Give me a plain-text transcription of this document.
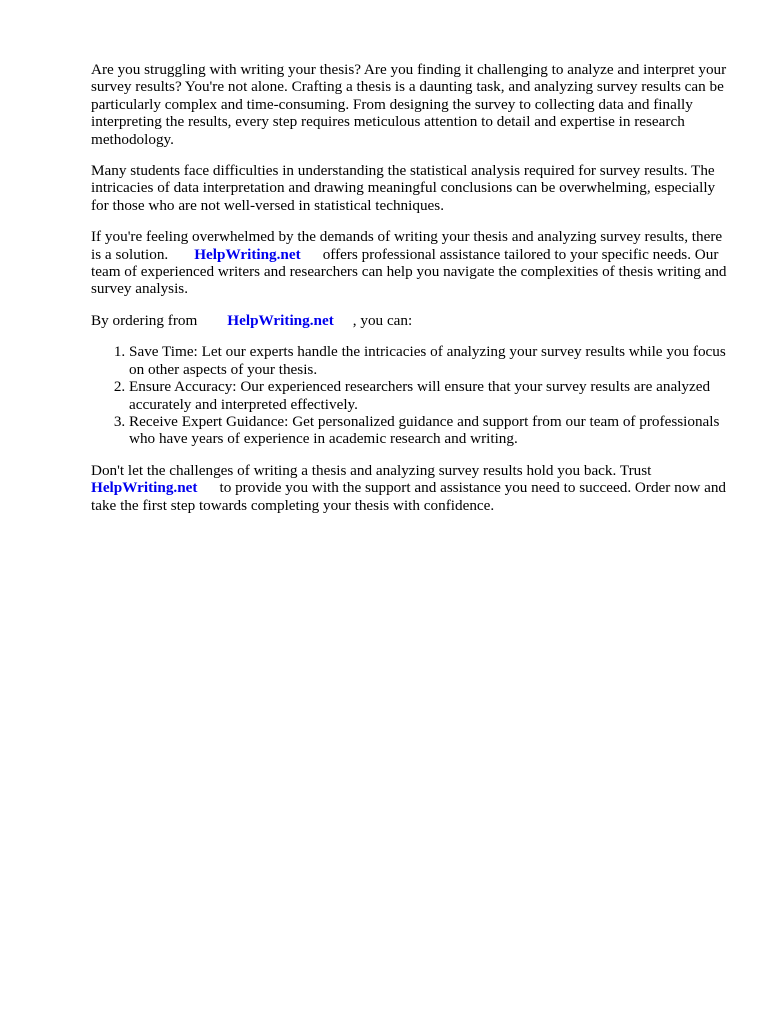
Are you struggling with writing your thesis? Are you finding it challenging to analyze and interpret your survey results? You're not alone. Crafting a thesis is a daunting task, and analyzing survey results can be particularly complex and time-consuming. From designing the survey to collecting data and finally interpreting the results, every step requires meticulous attention to detail and expertise in research methodology.

Many students face difficulties in understanding the statistical analysis required for survey results. The intricacies of data interpretation and drawing meaningful conclusions can be overwhelming, especially for those who are not well-versed in statistical techniques.

If you're feeling overwhelmed by the demands of writing your thesis and analyzing survey results, there is a solution. HelpWriting.net offers professional assistance tailored to your specific needs. Our team of experienced writers and researchers can help you navigate the complexities of thesis writing and survey analysis.

By ordering from HelpWriting.net , you can:

1. Save Time: Let our experts handle the intricacies of analyzing your survey results while you focus on other aspects of your thesis.
2. Ensure Accuracy: Our experienced researchers will ensure that your survey results are analyzed accurately and interpreted effectively.
3. Receive Expert Guidance: Get personalized guidance and support from our team of professionals who have years of experience in academic research and writing.

Don't let the challenges of writing a thesis and analyzing survey results hold you back. Trust HelpWriting.net to provide you with the support and assistance you need to succeed. Order now and take the first step towards completing your thesis with confidence.
